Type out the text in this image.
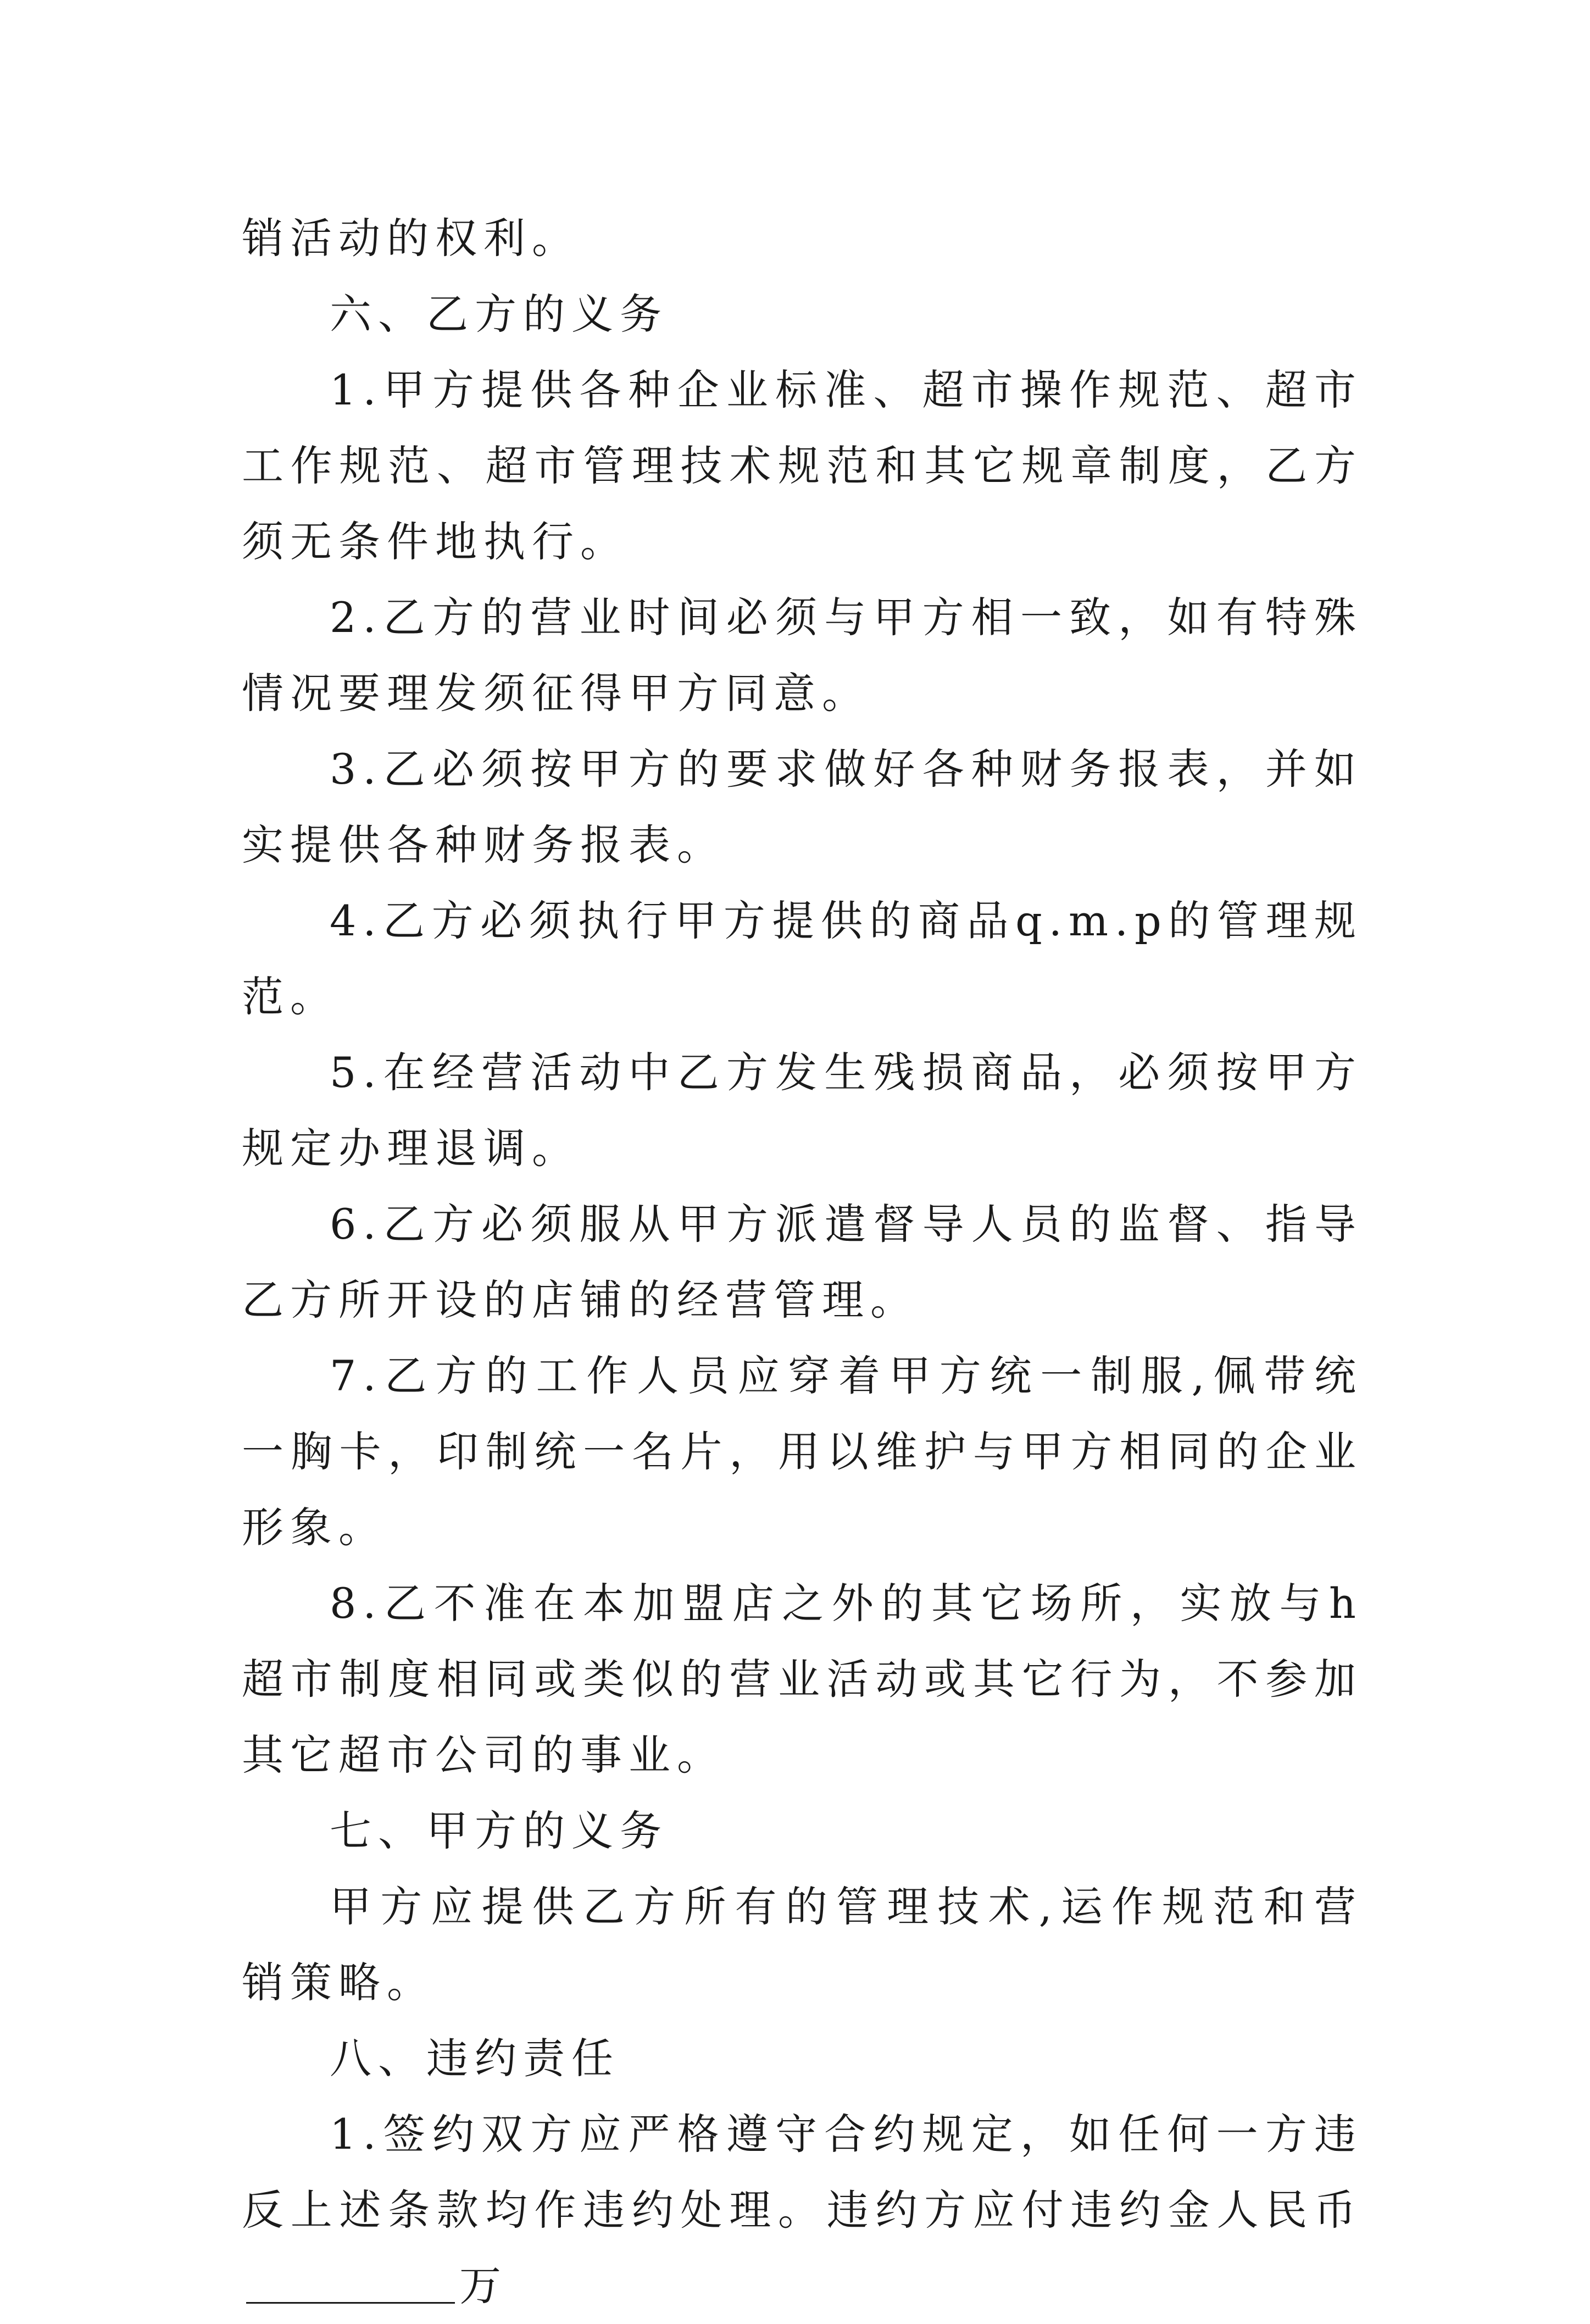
销活动的权利。

六、乙方的义务

1.甲方提供各种企业标准、超市操作规范、超市工作规范、超市管理技术规范和其它规章制度，乙方须无条件地执行。

2.乙方的营业时间必须与甲方相一致，如有特殊情况要理发须征得甲方同意。

3.乙必须按甲方的要求做好各种财务报表，并如实提供各种财务报表。

4.乙方必须执行甲方提供的商品q.m.p的管理规范。

5.在经营活动中乙方发生残损商品，必须按甲方规定办理退调。

6.乙方必须服从甲方派遣督导人员的监督、指导乙方所开设的店铺的经营管理。

7.乙方的工作人员应穿着甲方统一制服,佩带统一胸卡，印制统一名片，用以维护与甲方相同的企业形象。

8.乙不准在本加盟店之外的其它场所，实放与h超市制度相同或类似的营业活动或其它行为，不参加其它超市公司的事业。

七、甲方的义务

甲方应提供乙方所有的管理技术,运作规范和营销策略。

八、违约责任

1.签约双方应严格遵守合约规定，如任何一方违反上述条款均作违约处理。违约方应付违约金人民币万
